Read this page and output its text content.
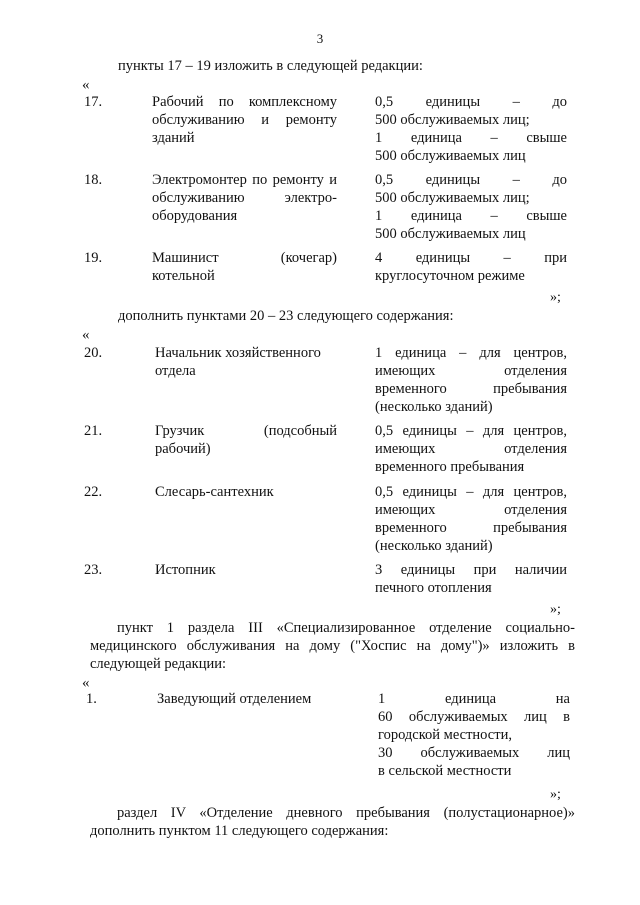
3
пункты 17 – 19 изложить в следующей редакции:
«
17.	Рабочий по комплексному обслуживанию и ремонту зданий
0,5 единицы – до
500 обслуживаемых лиц;
1 единица – свыше
500 обслуживаемых лиц
18.	Электромонтер по ремонту и обслуживанию электро-оборудования
0,5 единицы – до
500 обслуживаемых лиц;
1 единица – свыше
500 обслуживаемых лиц
19.	Машинист (кочегар) котельной
4 единицы – при
круглосуточном режиме
»;
дополнить пунктами 20 – 23 следующего содержания:
«
20.	Начальник хозяйственного отдела
1 единица – для центров,
имеющих отделения
временного пребывания
(несколько зданий)
21.	Грузчик (подсобный рабочий)
0,5 единицы – для центров,
имеющих отделения
временного пребывания
22.	Слесарь-сантехник	0,5 единицы – для центров,
имеющих отделения
временного пребывания
(несколько зданий)
23.	Истопник	3 единицы при наличии
печного отопления
»;
пункт 1 раздела III «Специализированное отделение социально-медицинского обслуживания на дому ("Хоспис на дому")» изложить в следующей редакции:
«
1.	Заведующий отделением	1 единица на
60 обслуживаемых лиц в
городской местности,
30 обслуживаемых лиц
в сельской местности
»;
раздел IV «Отделение дневного пребывания (полустационарное)» дополнить пунктом 11 следующего содержания:
